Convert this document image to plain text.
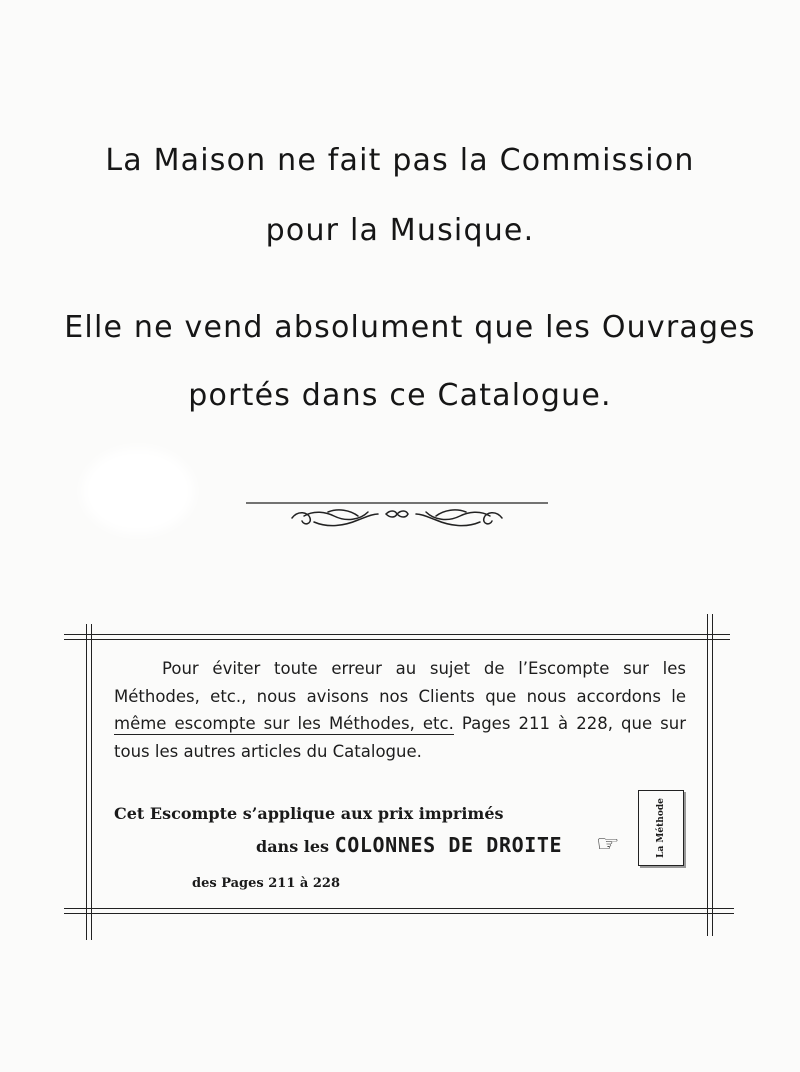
La Maison ne fait pas la Commission
pour la Musique.
Elle ne vend absolument que les Ouvrages
portés dans ce Catalogue.

Pour éviter toute erreur au sujet de l’Escompte sur les Méthodes, etc., nous avisons nos Clients que nous accordons le même escompte sur les Méthodes, etc. Pages 211 à 228, que sur tous les autres articles du Catalogue.

Cet Escompte s’applique aux prix imprimés
dans les COLONNES DE DROITE
des Pages 211 à 228
☞	La Méthode
